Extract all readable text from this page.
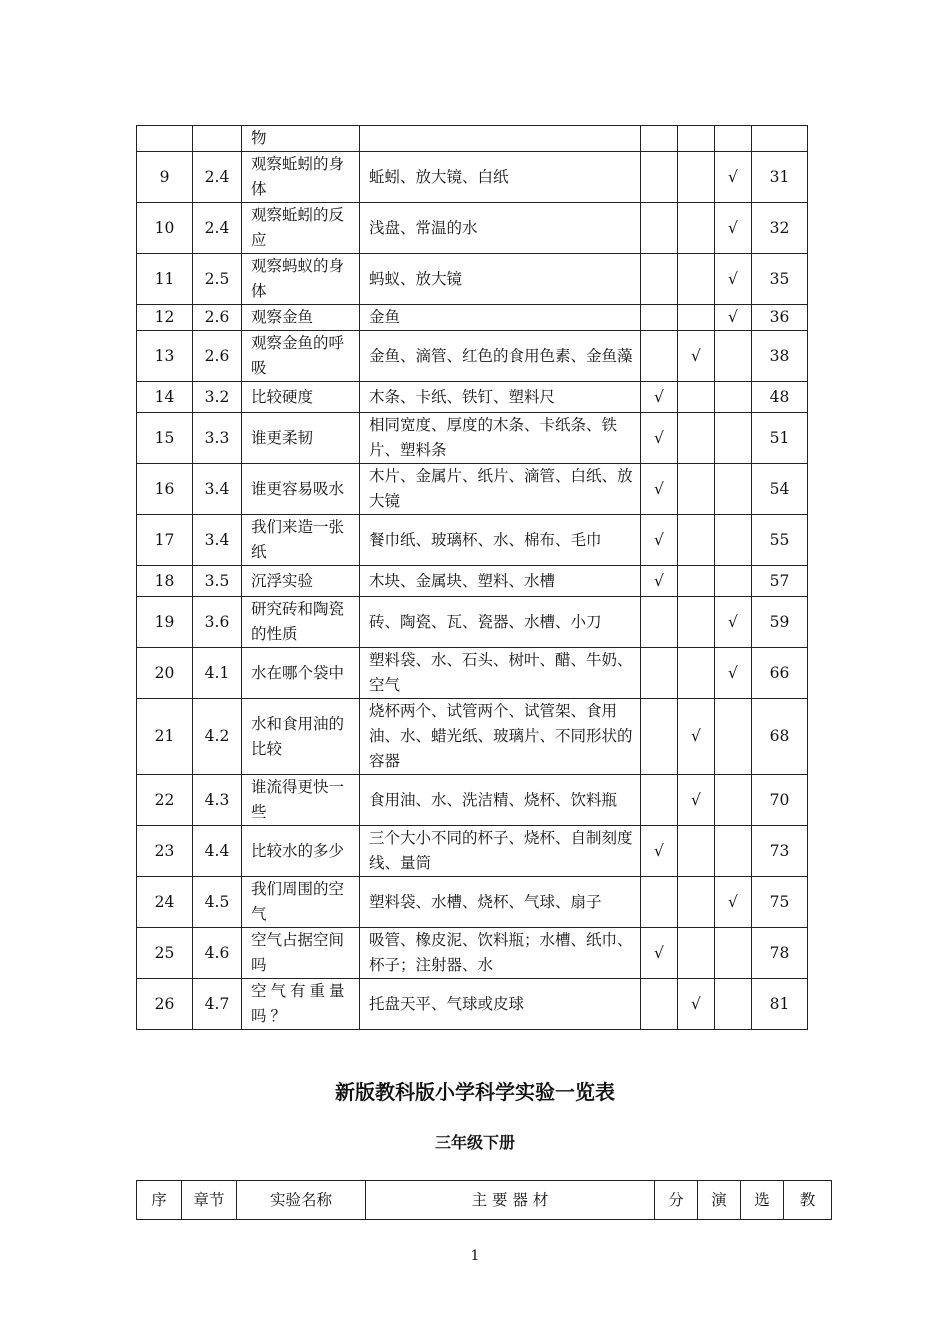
		物					
9	2.4	观察蚯蚓的身体	蚯蚓、放大镜、白纸			√	31
10	2.4	观察蚯蚓的反应	浅盘、常温的水			√	32
11	2.5	观察蚂蚁的身体	蚂蚁、放大镜			√	35
12	2.6	观察金鱼	金鱼			√	36
13	2.6	观察金鱼的呼吸	金鱼、滴管、红色的食用色素、金鱼藻		√		38
14	3.2	比较硬度	木条、卡纸、铁钉、塑料尺	√			48
15	3.3	谁更柔韧	相同宽度、厚度的木条、卡纸条、铁片、塑料条	√			51
16	3.4	谁更容易吸水	木片、金属片、纸片、滴管、白纸、放大镜	√			54
17	3.4	我们来造一张纸	餐巾纸、玻璃杯、水、棉布、毛巾	√			55
18	3.5	沉浮实验	木块、金属块、塑料、水槽	√			57
19	3.6	研究砖和陶瓷的性质	砖、陶瓷、瓦、瓷器、水槽、小刀			√	59
20	4.1	水在哪个袋中	塑料袋、水、石头、树叶、醋、牛奶、空气			√	66
21	4.2	水和食用油的比较	烧杯两个、试管两个、试管架、食用油、水、蜡光纸、玻璃片、不同形状的容器		√		68
22	4.3	谁流得更快一些	食用油、水、洗洁精、烧杯、饮料瓶		√		70
23	4.4	比较水的多少	三个大小不同的杯子、烧杯、自制刻度线、量筒	√			73
24	4.5	我们周围的空气	塑料袋、水槽、烧杯、气球、扇子			√	75
25	4.6	空气占据空间吗	吸管、橡皮泥、饮料瓶；水槽、纸巾、杯子；注射器、水	√			78
26	4.7	空气有重量吗？	托盘天平、气球或皮球		√		81
新版教科版小学科学实验一览表
三年级下册
序	章节	实验名称	主 要 器 材	分	演	选	教
1
